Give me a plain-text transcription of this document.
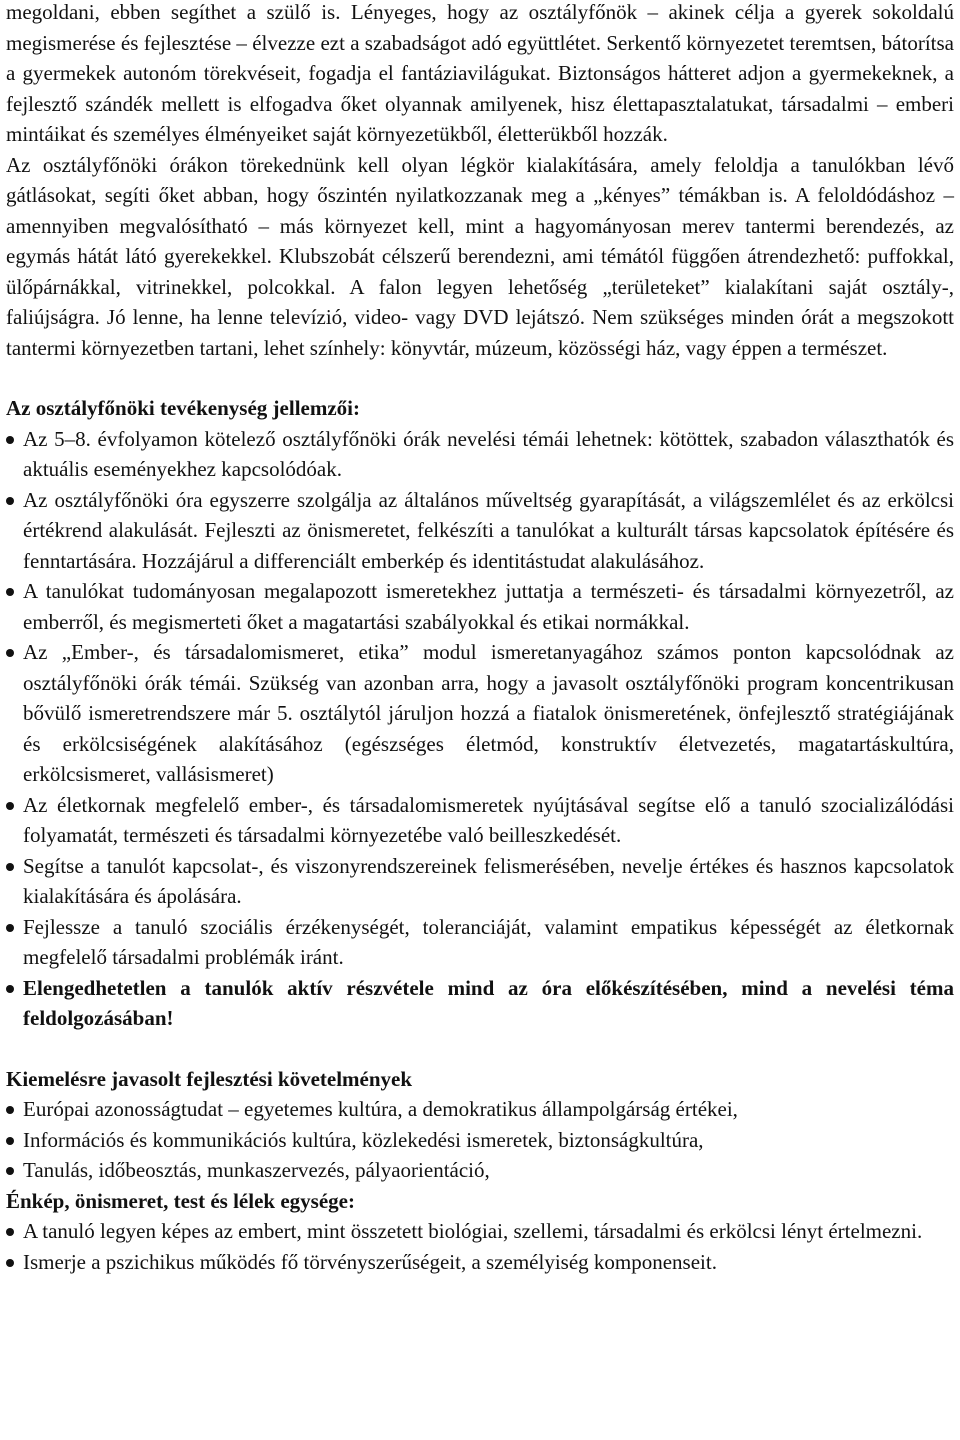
megoldani, ebben segíthet a szülő is. Lényeges, hogy az osztályfőnök – akinek célja a gyerek sokoldalú megismerése és fejlesztése – élvezze ezt a szabadságot adó együttlétet. Serkentő környezetet teremtsen, bátorítsa a gyermekek autonóm törekvéseit, fogadja el fantáziavilágukat. Biztonságos hátteret adjon a gyermekeknek, a fejlesztő szándék mellett is elfogadva őket olyannak amilyenek, hisz élettapasztalatukat, társadalmi – emberi mintáikat és személyes élményeiket saját környezetükből, életterükből hozzák.

Az osztályfőnöki órákon törekednünk kell olyan légkör kialakítására, amely feloldja a tanulókban lévő gátlásokat, segíti őket abban, hogy őszintén nyilatkozzanak meg a „kényes” témákban is. A feloldódáshoz – amennyiben megvalósítható – más környezet kell, mint a hagyományosan merev tantermi berendezés, az egymás hátát látó gyerekekkel. Klubszobát célszerű berendezni, ami témától függően átrendezhető: puffokkal, ülőpárnákkal, vitrinekkel, polcokkal. A falon legyen lehetőség „területeket” kialakítani saját osztály-, faliújságra. Jó lenne, ha lenne televízió, video- vagy DVD lejátszó. Nem szükséges minden órát a megszokott tantermi környezetben tartani, lehet színhely: könyvtár, múzeum, közösségi ház, vagy éppen a természet.

Az osztályfőnöki tevékenység jellemzői:
Az 5–8. évfolyamon kötelező osztályfőnöki órák nevelési témái lehetnek: kötöttek, szabadon választhatók és aktuális eseményekhez kapcsolódóak.
Az osztályfőnöki óra egyszerre szolgálja az általános műveltség gyarapítását, a világszemlélet és az erkölcsi értékrend alakulását. Fejleszti az önismeretet, felkészíti a tanulókat a kulturált társas kapcsolatok építésére és fenntartására. Hozzájárul a differenciált emberkép és identitástudat alakulásához.
A tanulókat tudományosan megalapozott ismeretekhez juttatja a természeti- és társadalmi környezetről, az emberről, és megismerteti őket a magatartási szabályokkal és etikai normákkal.
Az „Ember-, és társadalomismeret, etika” modul ismeretanyagához számos ponton kapcsolódnak az osztályfőnöki órák témái. Szükség van azonban arra, hogy a javasolt osztályfőnöki program koncentrikusan bővülő ismeretrendszere már 5. osztálytól járuljon hozzá a fiatalok önismeretének, önfejlesztő stratégiájának és erkölcsiségének alakításához (egészséges életmód, konstruktív életvezetés, magatartáskultúra, erkölcsismeret, vallásismeret)
Az életkornak megfelelő ember-, és társadalomismeretek nyújtásával segítse elő a tanuló szocializálódási folyamatát, természeti és társadalmi környezetébe való beilleszkedését.
Segítse a tanulót kapcsolat-, és viszonyrendszereinek felismerésében, nevelje értékes és hasznos kapcsolatok kialakítására és ápolására.
Fejlessze a tanuló szociális érzékenységét, toleranciáját, valamint empatikus képességét az életkornak megfelelő társadalmi problémák iránt.
Elengedhetetlen a tanulók aktív részvétele mind az óra előkészítésében, mind a nevelési téma feldolgozásában!
Kiemelésre javasolt fejlesztési követelmények
Európai azonosságtudat – egyetemes kultúra, a demokratikus állampolgárság értékei,
Információs és kommunikációs kultúra, közlekedési ismeretek, biztonságkultúra,
Tanulás, időbeosztás, munkaszervezés, pályaorientáció,
Énkép, önismeret, test és lélek egysége:
A tanuló legyen képes az embert, mint összetett biológiai, szellemi, társadalmi és erkölcsi lényt értelmezni.
Ismerje a pszichikus működés fő törvényszerűségeit, a személyiség komponenseit.
